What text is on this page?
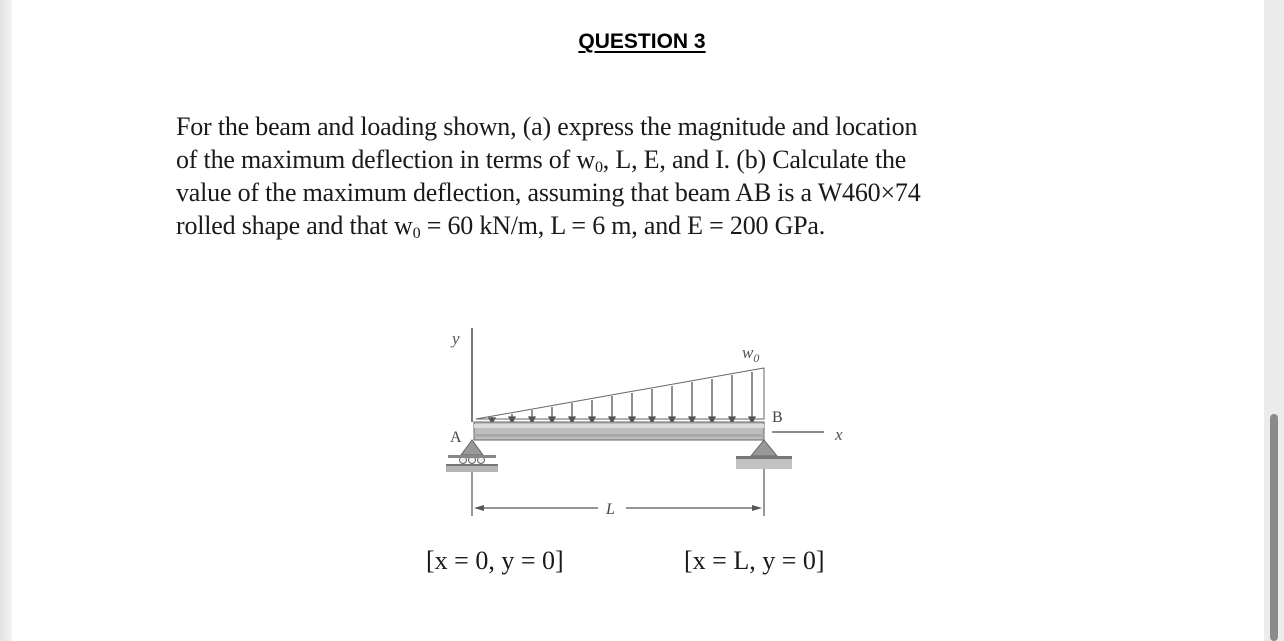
QUESTION 3
For the beam and loading shown, (a) express the magnitude and location
of the maximum deflection in terms of $w_0$, L, E, and I. (b) Calculate the
value of the maximum deflection, assuming that beam AB is a W460×74
rolled shape and that $w_0 = 60$ kN/m, L = 6 m, and E = 200 GPa.
y
$w_0$
A
B
x
L
[x = 0, y = 0]	[x = L, y = 0]
